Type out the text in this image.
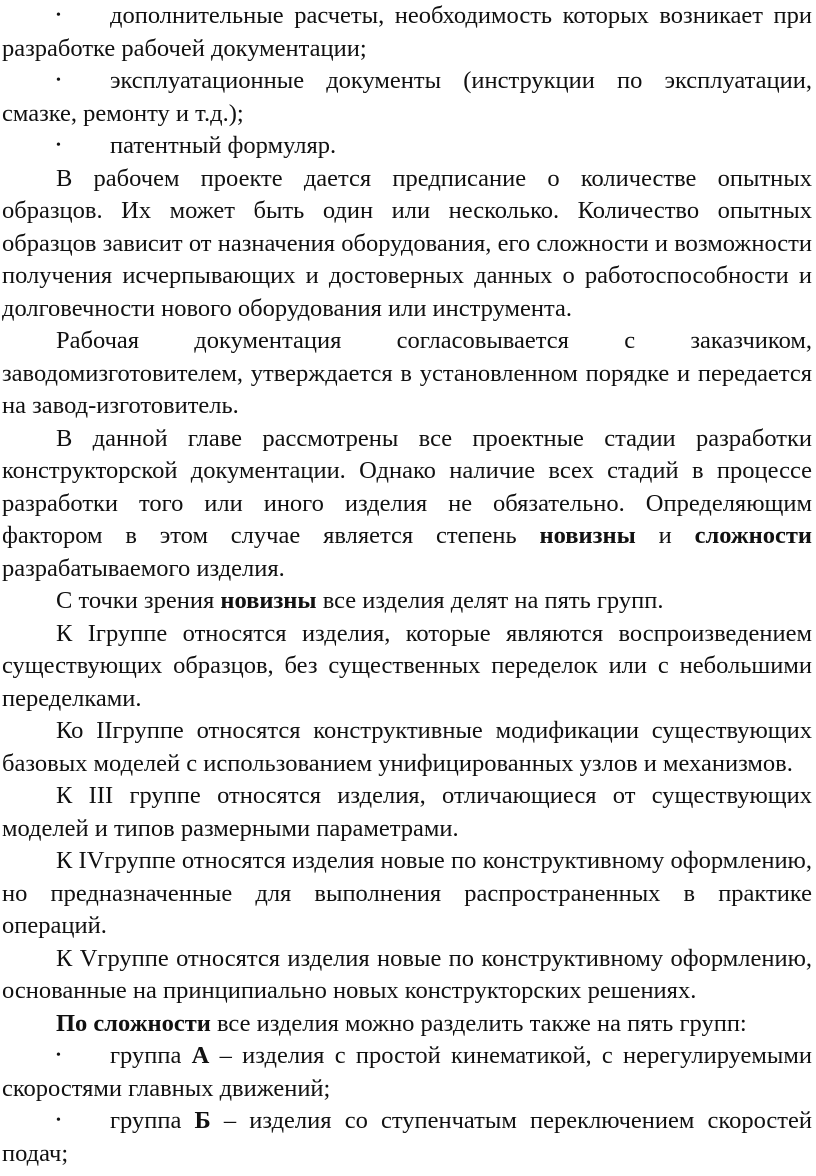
• дополнительные расчеты, необходимость которых возникает при разработке рабочей документации;

• эксплуатационные документы (инструкции по эксплуатации, смазке, ремонту и т.д.);

• патентный формуляр.

В рабочем проекте дается предписание о количестве опытных образцов. Их может быть один или несколько. Количество опытных образцов зависит от назначения оборудования, его сложности и возможности получения исчерпывающих и достоверных данных о работоспособности и долговечности нового оборудования или инструмента.

Рабочая документация согласовывается с заказчиком, заводомизготовителем, утверждается в установленном порядке и передается на завод-изготовитель.

В данной главе рассмотрены все проектные стадии разработки конструкторской документации. Однако наличие всех стадий в процессе разработки того или иного изделия не обязательно. Определяющим фактором в этом случае является степень новизны и сложности разрабатываемого изделия.

С точки зрения новизны все изделия делят на пять групп.

К Iгруппе относятся изделия, которые являются воспроизведением существующих образцов, без существенных переделок или с небольшими переделками.

Ко IIгруппе относятся конструктивные модификации существующих базовых моделей с использованием унифицированных узлов и механизмов.

К III группе относятся изделия, отличающиеся от существующих моделей и типов размерными параметрами.

К IVгруппе относятся изделия новые по конструктивному оформлению, но предназначенные для выполнения распространенных в практике операций.

К Vгруппе относятся изделия новые по конструктивному оформлению, основанные на принципиально новых конструкторских решениях.

По сложности все изделия можно разделить также на пять групп:

• группа А – изделия с простой кинематикой, с нерегулируемыми скоростями главных движений;

• группа Б – изделия со ступенчатым переключением скоростей подач;
